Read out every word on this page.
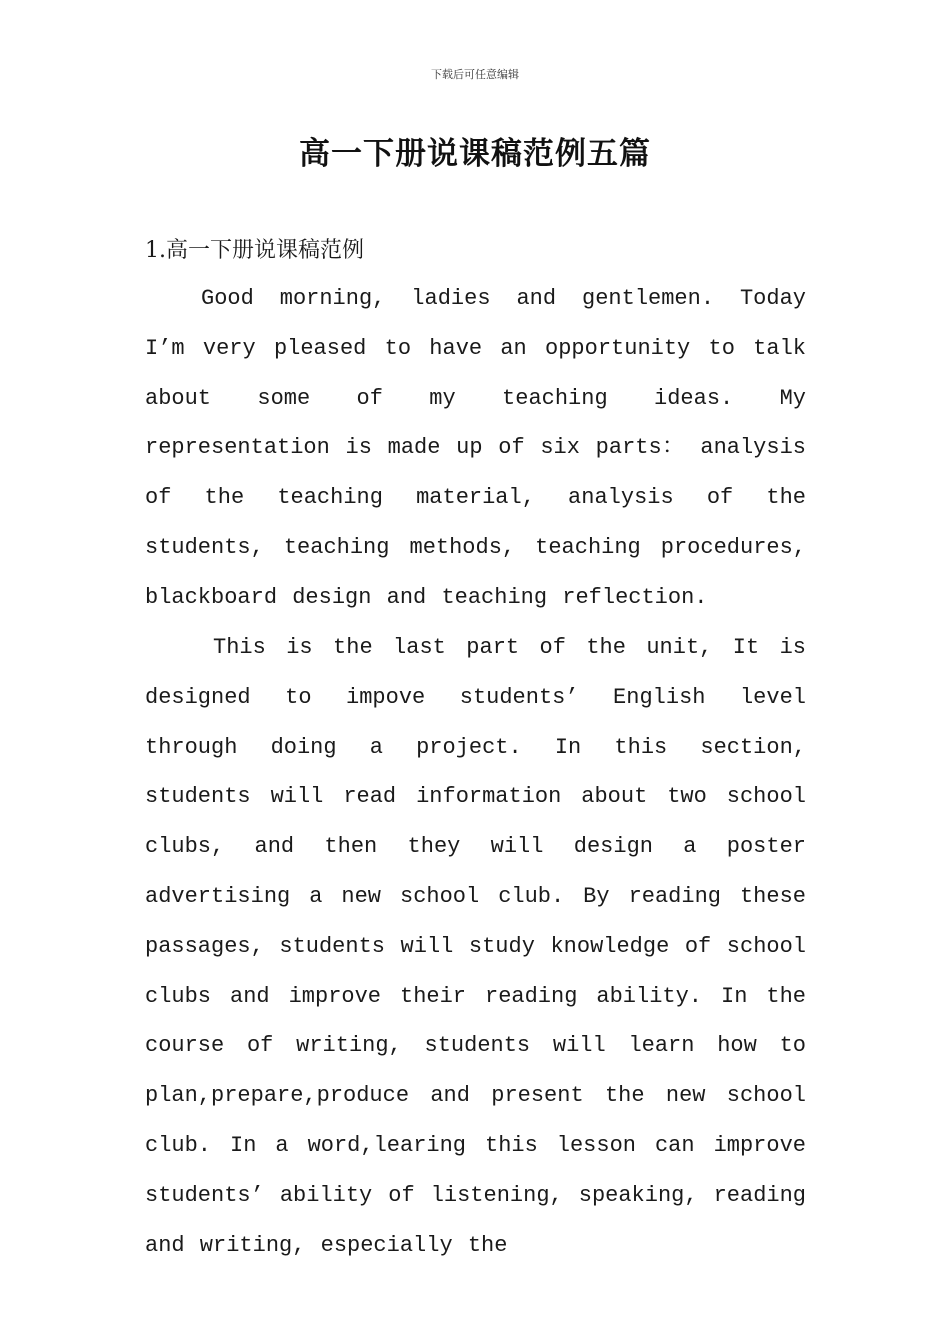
下载后可任意编辑
高一下册说课稿范例五篇
1.高一下册说课稿范例
Good morning, ladies and gentlemen. Today I’m very pleased to have an opportunity to talk about some of my teaching ideas. My representation is made up of six parts： analysis of the teaching material, analysis of the students, teaching methods, teaching procedures, blackboard design and teaching reflection.
This is the last part of the unit, It is designed to impove students’ English level through doing a project. In this section, students will read information about two school clubs, and then they will design a poster advertising a new school club. By reading these passages, students will study knowledge of school clubs and improve their reading ability. In the course of writing, students will learn how to plan,prepare,produce and present the new school club. In a word,learing this lesson can improve students’ ability of listening, speaking, reading and writing, especially the
